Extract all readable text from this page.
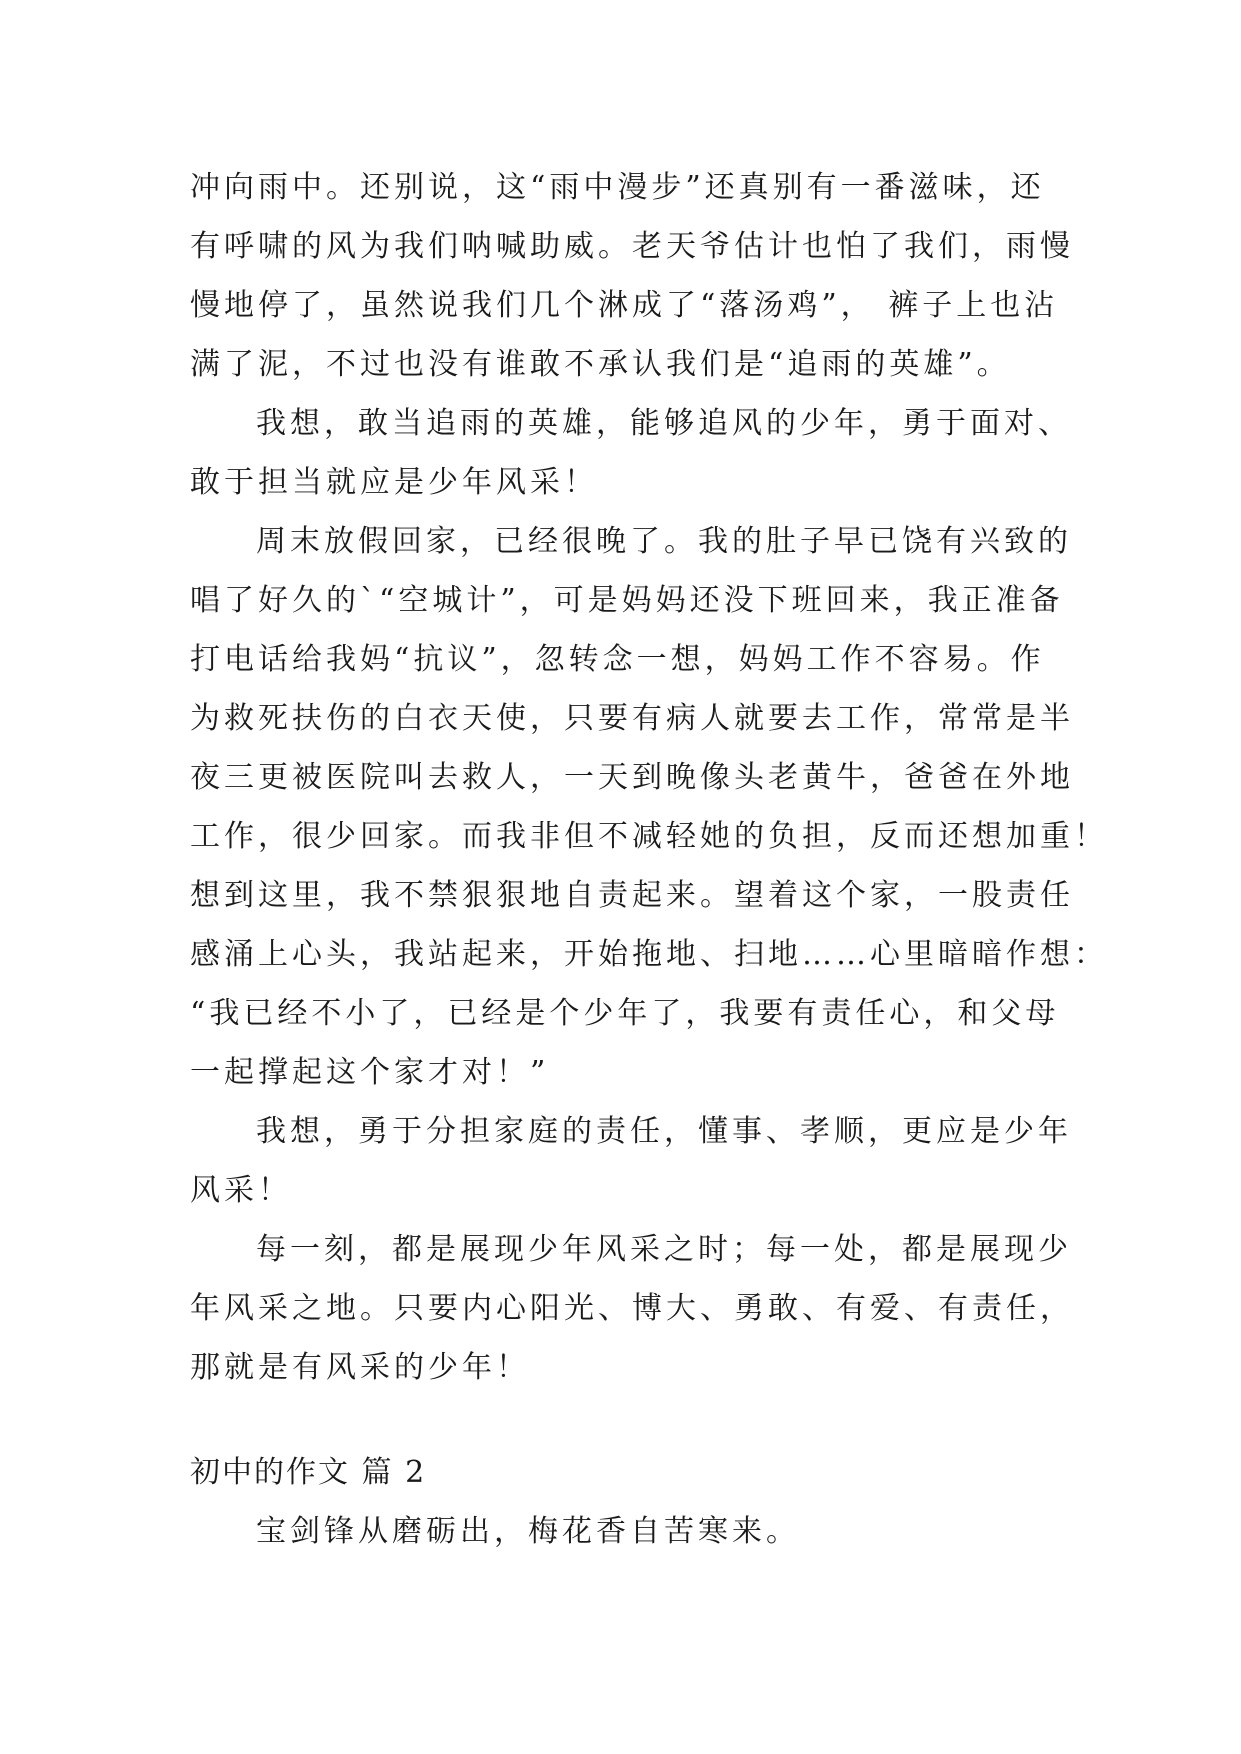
冲向雨中。还别说，这“雨中漫步”还真别有一番滋味，还
有呼啸的风为我们呐喊助威。老天爷估计也怕了我们，雨慢
慢地停了，虽然说我们几个淋成了“落汤鸡”， 裤子上也沾
满了泥，不过也没有谁敢不承认我们是“追雨的英雄”。
我想，敢当追雨的英雄，能够追风的少年，勇于面对、
敢于担当就应是少年风采！
周末放假回家，已经很晚了。我的肚子早已饶有兴致的
唱了好久的`“空城计”，可是妈妈还没下班回来，我正准备
打电话给我妈“抗议”，忽转念一想，妈妈工作不容易。作
为救死扶伤的白衣天使，只要有病人就要去工作，常常是半
夜三更被医院叫去救人，一天到晚像头老黄牛，爸爸在外地
工作，很少回家。而我非但不减轻她的负担，反而还想加重！
想到这里，我不禁狠狠地自责起来。望着这个家，一股责任
感涌上心头，我站起来，开始拖地、扫地……心里暗暗作想：
“我已经不小了，已经是个少年了，我要有责任心，和父母
一起撑起这个家才对！”
我想，勇于分担家庭的责任，懂事、孝顺，更应是少年
风采！
每一刻，都是展现少年风采之时；每一处，都是展现少
年风采之地。只要内心阳光、博大、勇敢、有爱、有责任，
那就是有风采的少年！
初中的作文 篇 2
宝剑锋从磨砺出，梅花香自苦寒来。
